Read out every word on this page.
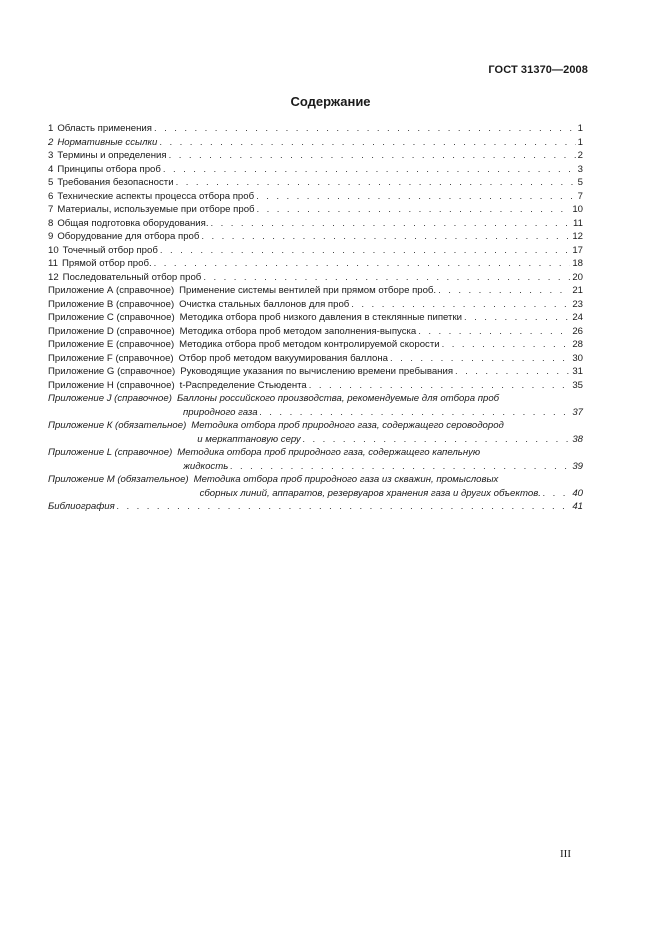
ГОСТ 31370—2008
Содержание
1 Область применения . . .	1
2 Нормативные ссылки . . .	1
3 Термины и определения . . .	2
4 Принципы отбора проб . . .	3
5 Требования безопасности . . .	5
6 Технические аспекты процесса отбора проб . . .	7
7 Материалы, используемые при отборе проб . . .	10
8 Общая подготовка оборудования. . . .	11
9 Оборудование для отбора проб . . .	12
10 Точечный отбор проб . . .	17
11 Прямой отбор проб. . . .	18
12 Последовательный отбор проб . . .	20
Приложение А (справочное) Применение системы вентилей при прямом отборе проб. . . .	21
Приложение В (справочное) Очистка стальных баллонов для проб . . .	23
Приложение С (справочное) Методика отбора проб низкого давления в стеклянные пипетки . . .	24
Приложение D (справочное) Методика отбора проб методом заполнения-выпуска . . .	26
Приложение Е (справочное) Методика отбора проб методом контролируемой скорости . . .	28
Приложение F (справочное) Отбор проб методом вакуумирования баллона . . .	30
Приложение G (справочное) Руководящие указания по вычислению времени пребывания . . .	31
Приложение Н (справочное) t-Распределение Стьюдента . . .	35
Приложение J (справочное) Баллоны российского производства, рекомендуемые для отбора проб
природного газа . . .	37
Приложение К (обязательное) Методика отбора проб природного газа, содержащего сероводород
и меркаптановую серу . . .	38
Приложение L (справочное) Методика отбора проб природного газа, содержащего капельную
жидкость . . .	39
Приложение М (обязательное) Методика отбора проб природного газа из скважин, промысловых
сборных линий, аппаратов, резервуаров хранения газа и других объектов. . . .	40
Библиография . . .	41
III
